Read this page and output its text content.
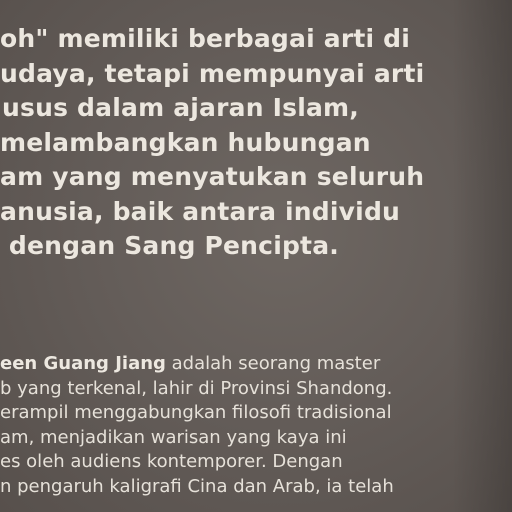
oh" memiliki berbagai arti di
udaya, tetapi mempunyai arti
usus dalam ajaran Islam,
melambangkan hubungan
am yang menyatukan seluruh
anusia, baik antara individu
dengan Sang Pencipta.

een Guang Jiang adalah seorang master
b yang terkenal, lahir di Provinsi Shandong.
erampil menggabungkan filosofi tradisional
am, menjadikan warisan yang kaya ini
es oleh audiens kontemporer. Dengan
n pengaruh kaligrafi Cina dan Arab, ia telah
